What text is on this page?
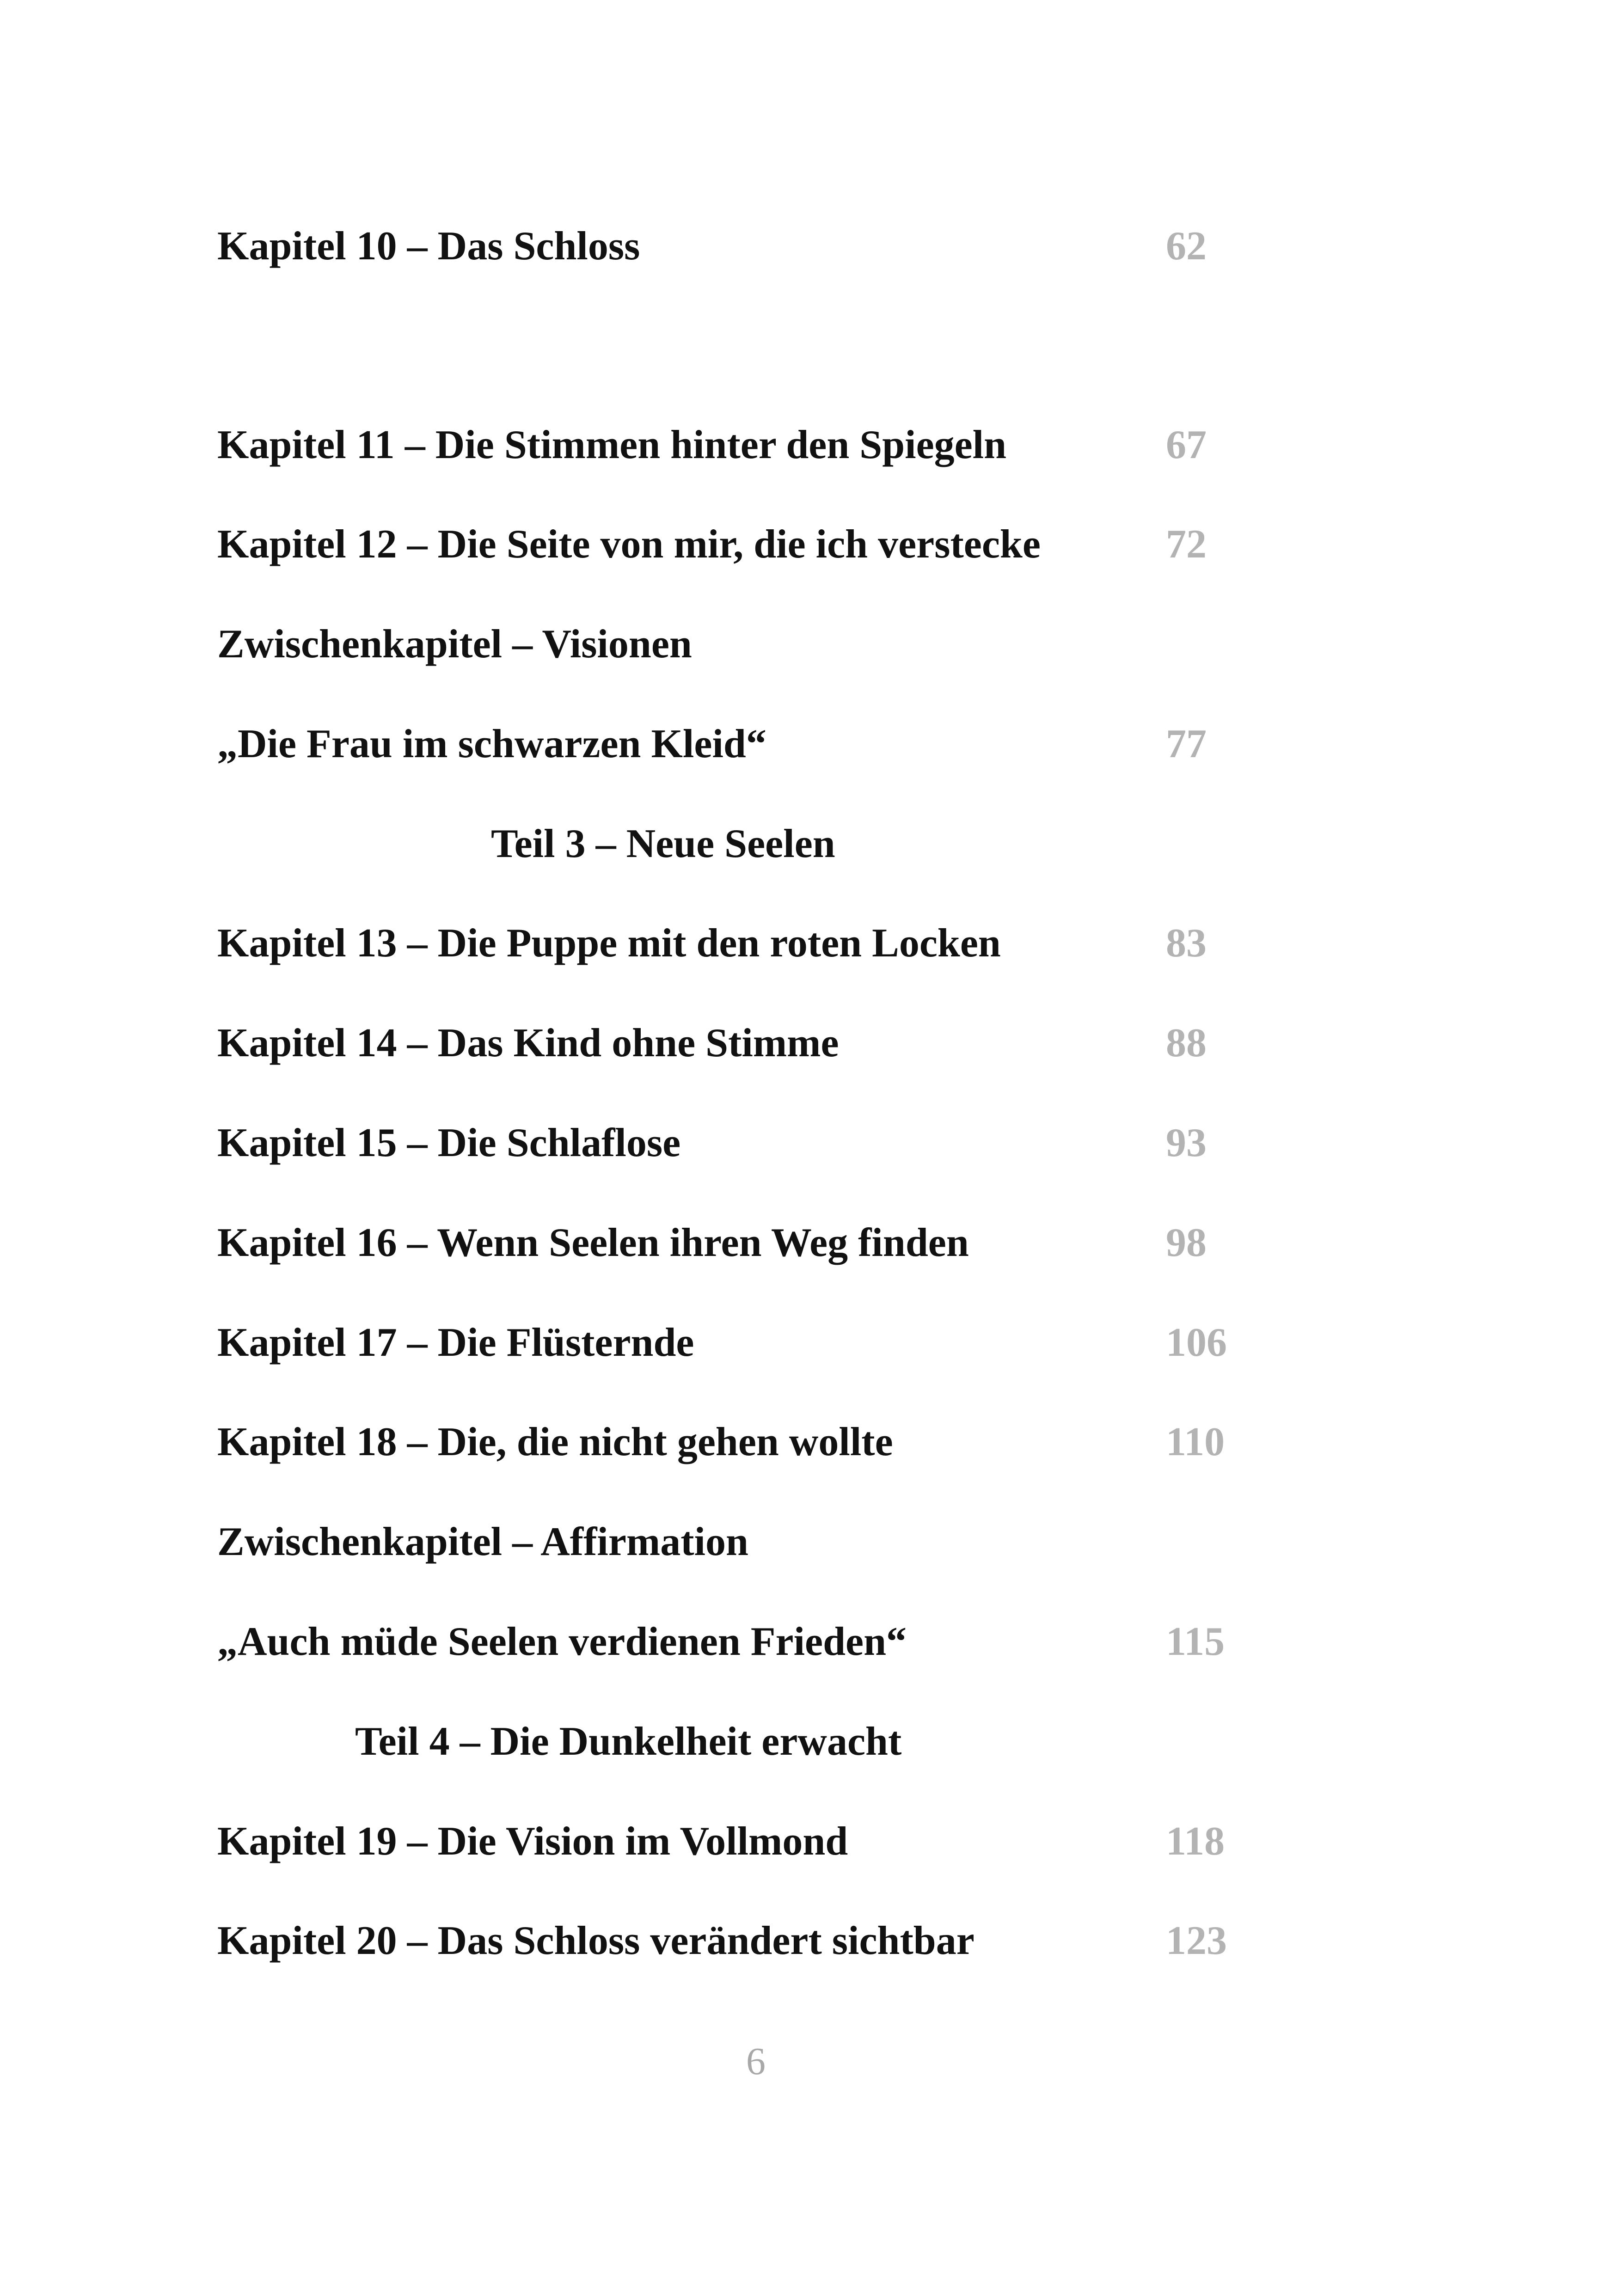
Kapitel 10 – Das Schloss	62
Kapitel 11 – Die Stimmen hinter den Spiegeln	67
Kapitel 12 – Die Seite von mir, die ich verstecke	72
Zwischenkapitel – Visionen
„Die Frau im schwarzen Kleid“	77
Teil 3 – Neue Seelen
Kapitel 13 – Die Puppe mit den roten Locken	83
Kapitel 14 – Das Kind ohne Stimme	88
Kapitel 15 – Die Schlaflose	93
Kapitel 16 – Wenn Seelen ihren Weg finden	98
Kapitel 17 – Die Flüsternde	106
Kapitel 18 – Die, die nicht gehen wollte	110
Zwischenkapitel – Affirmation
„Auch müde Seelen verdienen Frieden“	115
Teil 4 – Die Dunkelheit erwacht
Kapitel 19 – Die Vision im Vollmond	118
Kapitel 20 – Das Schloss verändert sichtbar	123
6
